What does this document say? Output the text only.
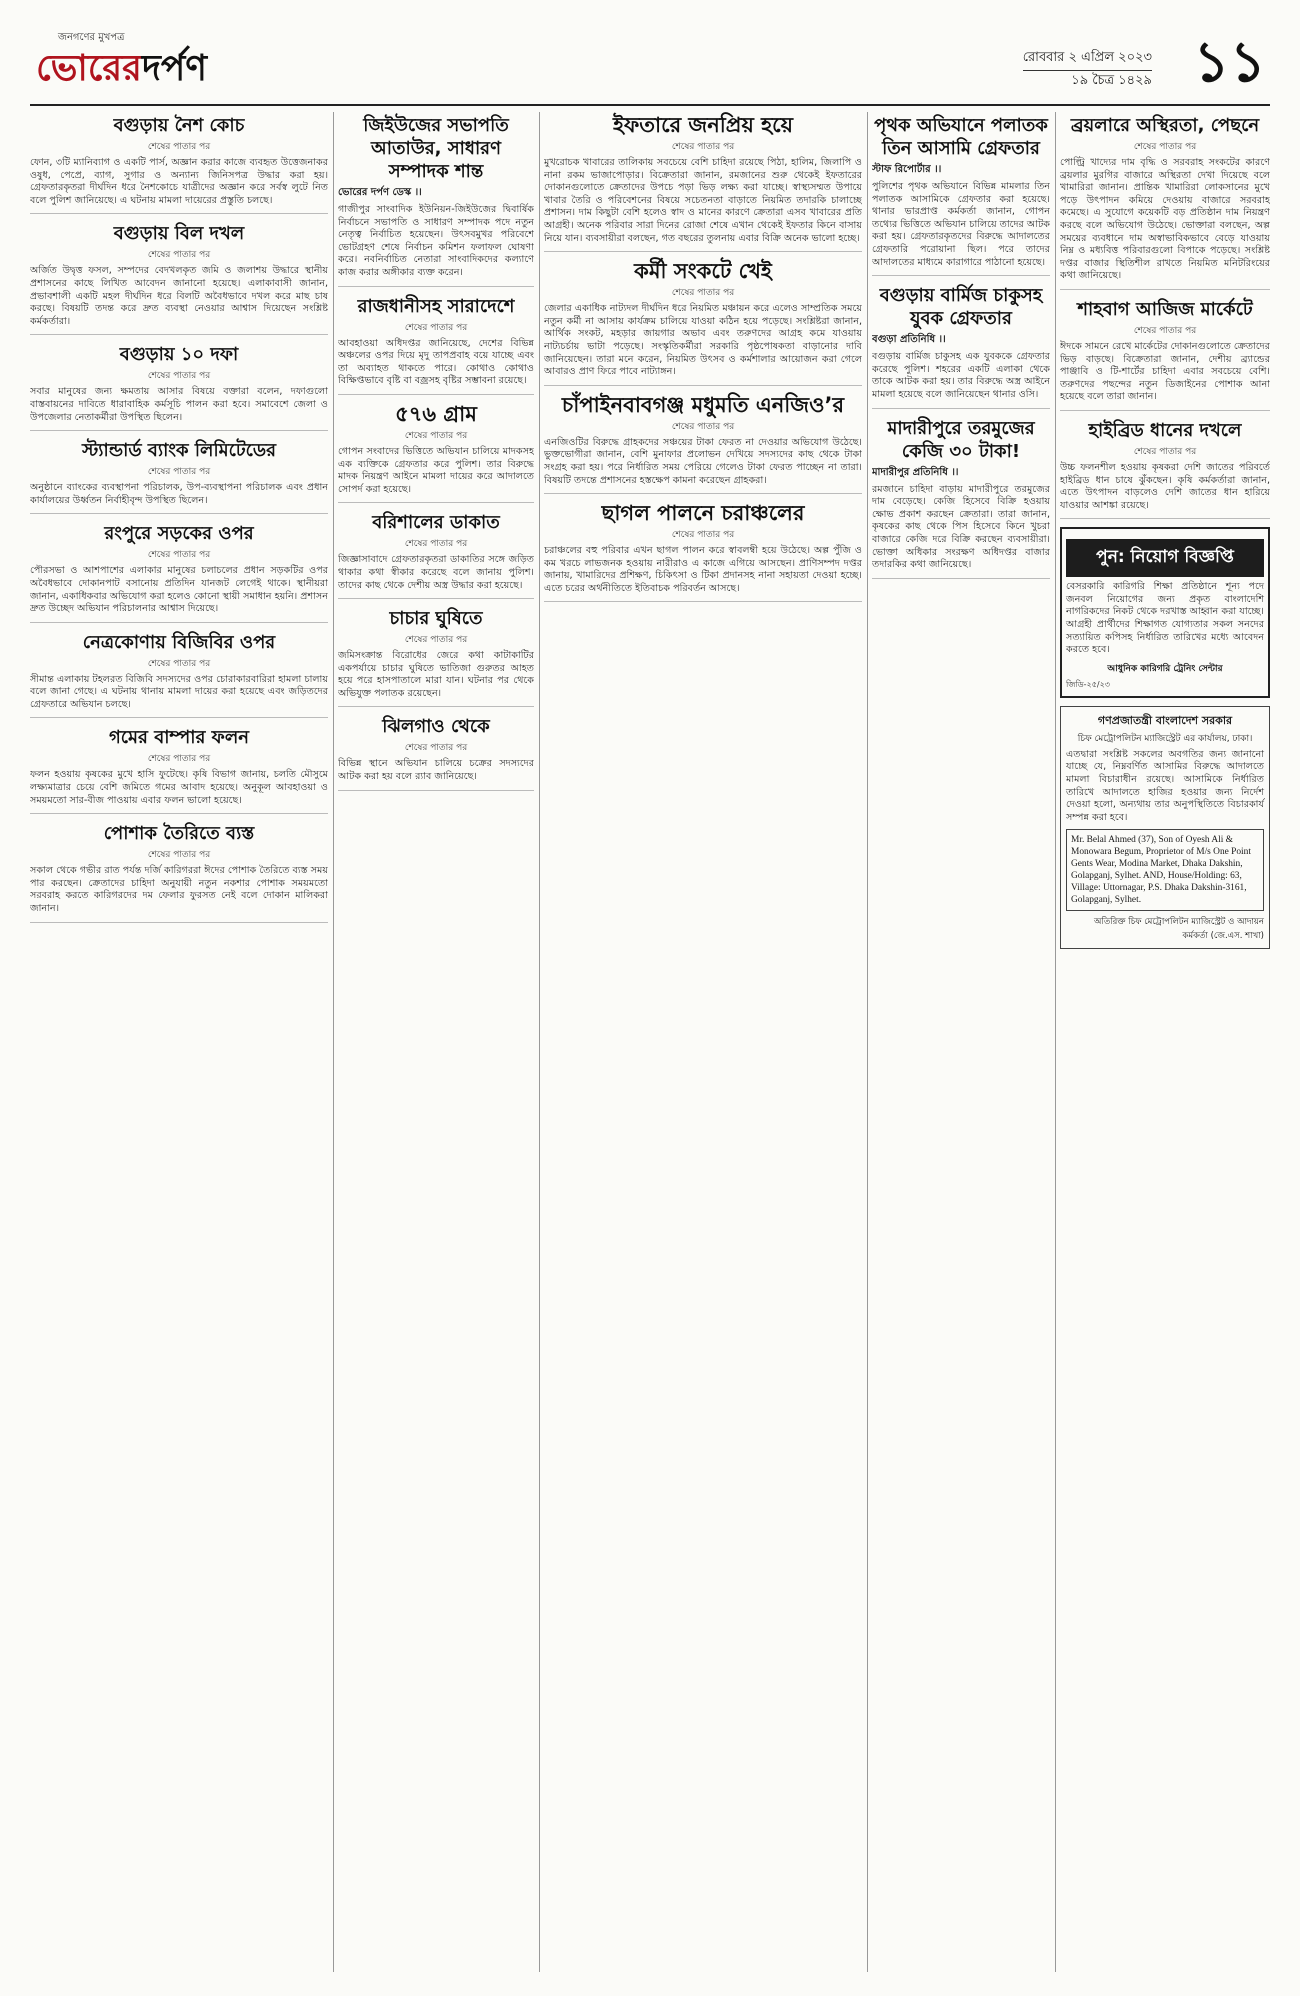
জনগণের মুখপত্র
ভোরেরদর্পণ	রোববার ২ এপ্রিল ২০২৩
১৯ চৈত্র ১৪২৯ ১১
বগুড়ায় নৈশ কোচ
শেষের পাতার পর

ফোন, ৩টি ম্যানিব্যাগ ও একটি পার্স, অজ্ঞান করার কাজে ব্যবহৃত উত্তেজনাকর ওষুধ, পেপ্রে, ব্যাগ, সুগার ও অন্যান্য জিনিসপত্র উদ্ধার করা হয়। গ্রেফতারকৃতরা দীর্ঘদিন ধরে নৈশকোচে যাত্রীদের অজ্ঞান করে সর্বস্ব লুটে নিত বলে পুলিশ জানিয়েছে। এ ঘটনায় মামলা দায়েরের প্রস্তুতি চলছে।

বগুড়ায় বিল দখল
শেষের পাতার পর

অর্জিত উদ্বৃত্ত ফসল, সম্পদের বেদখলকৃত জমি ও জলাশয় উদ্ধারে স্থানীয় প্রশাসনের কাছে লিখিত আবেদন জানানো হয়েছে। এলাকাবাসী জানান, প্রভাবশালী একটি মহল দীর্ঘদিন ধরে বিলটি অবৈধভাবে দখল করে মাছ চাষ করছে। বিষয়টি তদন্ত করে দ্রুত ব্যবস্থা নেওয়ার আশ্বাস দিয়েছেন সংশ্লিষ্ট কর্মকর্তারা।

বগুড়ায় ১০ দফা
শেষের পাতার পর

সবার মানুষের জন্য ক্ষমতায় আসার বিষয়ে বক্তারা বলেন, দফাগুলো বাস্তবায়নের দাবিতে ধারাবাহিক কর্মসূচি পালন করা হবে। সমাবেশে জেলা ও উপজেলার নেতাকর্মীরা উপস্থিত ছিলেন।

স্ট্যান্ডার্ড ব্যাংক লিমিটেডের
শেষের পাতার পর

অনুষ্ঠানে ব্যাংকের ব্যবস্থাপনা পরিচালক, উপ-ব্যবস্থাপনা পরিচালক এবং প্রধান কার্যালয়ের উর্ধ্বতন নির্বাহীবৃন্দ উপস্থিত ছিলেন।

রংপুরে সড়কের ওপর
শেষের পাতার পর

পৌরসভা ও আশপাশের এলাকার মানুষের চলাচলের প্রধান সড়কটির ওপর অবৈধভাবে দোকানপাট বসানোয় প্রতিদিন যানজট লেগেই থাকে। স্থানীয়রা জানান, একাধিকবার অভিযোগ করা হলেও কোনো স্থায়ী সমাধান হয়নি। প্রশাসন দ্রুত উচ্ছেদ অভিযান পরিচালনার আশ্বাস দিয়েছে।

নেত্রকোণায় বিজিবির ওপর
শেষের পাতার পর

সীমান্ত এলাকায় টহলরত বিজিবি সদস্যদের ওপর চোরাকারবারিরা হামলা চালায় বলে জানা গেছে। এ ঘটনায় থানায় মামলা দায়ের করা হয়েছে এবং জড়িতদের গ্রেফতারে অভিযান চলছে।

গমের বাম্পার ফলন
শেষের পাতার পর

ফলন হওয়ায় কৃষকের মুখে হাসি ফুটেছে। কৃষি বিভাগ জানায়, চলতি মৌসুমে লক্ষ্যমাত্রার চেয়ে বেশি জমিতে গমের আবাদ হয়েছে। অনুকূল আবহাওয়া ও সময়মতো সার-বীজ পাওয়ায় এবার ফলন ভালো হয়েছে।

পোশাক তৈরিতে ব্যস্ত
শেষের পাতার পর

সকাল থেকে গভীর রাত পর্যন্ত দর্জি কারিগররা ঈদের পোশাক তৈরিতে ব্যস্ত সময় পার করছেন। ক্রেতাদের চাহিদা অনুযায়ী নতুন নকশার পোশাক সময়মতো সরবরাহ করতে কারিগরদের দম ফেলার ফুরসত নেই বলে দোকান মালিকরা জানান।

জিইউজের সভাপতি আতাউর, সাধারণ সম্পাদক শান্ত
ভোরের দর্পণ ডেস্ক ।।

গাজীপুর সাংবাদিক ইউনিয়ন-জিইউজের দ্বিবার্ষিক নির্বাচনে সভাপতি ও সাধারণ সম্পাদক পদে নতুন নেতৃত্ব নির্বাচিত হয়েছেন। উৎসবমুখর পরিবেশে ভোটগ্রহণ শেষে নির্বাচন কমিশন ফলাফল ঘোষণা করে। নবনির্বাচিত নেতারা সাংবাদিকদের কল্যাণে কাজ করার অঙ্গীকার ব্যক্ত করেন।

রাজধানীসহ সারাদেশে
শেষের পাতার পর

আবহাওয়া অধিদপ্তর জানিয়েছে, দেশের বিভিন্ন অঞ্চলের ওপর দিয়ে মৃদু তাপপ্রবাহ বয়ে যাচ্ছে এবং তা অব্যাহত থাকতে পারে। কোথাও কোথাও বিক্ষিপ্তভাবে বৃষ্টি বা বজ্রসহ বৃষ্টির সম্ভাবনা রয়েছে।

৫৭৬ গ্রাম
শেষের পাতার পর

গোপন সংবাদের ভিত্তিতে অভিযান চালিয়ে মাদকসহ এক ব্যক্তিকে গ্রেফতার করে পুলিশ। তার বিরুদ্ধে মাদক নিয়ন্ত্রণ আইনে মামলা দায়ের করে আদালতে সোপর্দ করা হয়েছে।

বরিশালের ডাকাত
শেষের পাতার পর

জিজ্ঞাসাবাদে গ্রেফতারকৃতরা ডাকাতির সঙ্গে জড়িত থাকার কথা স্বীকার করেছে বলে জানায় পুলিশ। তাদের কাছ থেকে দেশীয় অস্ত্র উদ্ধার করা হয়েছে।

চাচার ঘুষিতে
শেষের পাতার পর

জমিসংক্রান্ত বিরোধের জেরে কথা কাটাকাটির একপর্যায়ে চাচার ঘুষিতে ভাতিজা গুরুতর আহত হয়ে পরে হাসপাতালে মারা যান। ঘটনার পর থেকে অভিযুক্ত পলাতক রয়েছেন।

ঝিলগাও থেকে
শেষের পাতার পর

বিভিন্ন স্থানে অভিযান চালিয়ে চক্রের সদস্যদের আটক করা হয় বলে র‍্যাব জানিয়েছে।

ইফতারে জনপ্রিয় হয়ে
শেষের পাতার পর

মুখরোচক খাবারের তালিকায় সবচেয়ে বেশি চাহিদা রয়েছে পিঠা, হালিম, জিলাপি ও নানা রকম ভাজাপোড়ার। বিক্রেতারা জানান, রমজানের শুরু থেকেই ইফতারের দোকানগুলোতে ক্রেতাদের উপচে পড়া ভিড় লক্ষ্য করা যাচ্ছে। স্বাস্থ্যসম্মত উপায়ে খাবার তৈরি ও পরিবেশনের বিষয়ে সচেতনতা বাড়াতে নিয়মিত তদারকি চালাচ্ছে প্রশাসন। দাম কিছুটা বেশি হলেও স্বাদ ও মানের কারণে ক্রেতারা এসব খাবারের প্রতি আগ্রহী। অনেক পরিবার সারা দিনের রোজা শেষে এখান থেকেই ইফতার কিনে বাসায় নিয়ে যান। ব্যবসায়ীরা বলছেন, গত বছরের তুলনায় এবার বিক্রি অনেক ভালো হচ্ছে।

কর্মী সংকটে খেই
শেষের পাতার পর

জেলার একাধিক নাট্যদল দীর্ঘদিন ধরে নিয়মিত মঞ্চায়ন করে এলেও সাম্প্রতিক সময়ে নতুন কর্মী না আসায় কার্যক্রম চালিয়ে যাওয়া কঠিন হয়ে পড়েছে। সংশ্লিষ্টরা জানান, আর্থিক সংকট, মহড়ার জায়গার অভাব এবং তরুণদের আগ্রহ কমে যাওয়ায় নাট্যচর্চায় ভাটা পড়েছে। সংস্কৃতিকর্মীরা সরকারি পৃষ্ঠপোষকতা বাড়ানোর দাবি জানিয়েছেন। তারা মনে করেন, নিয়মিত উৎসব ও কর্মশালার আয়োজন করা গেলে আবারও প্রাণ ফিরে পাবে নাট্যাঙ্গন।

চাঁপাইনবাবগঞ্জ মধুমতি এনজিও’র
শেষের পাতার পর

এনজিওটির বিরুদ্ধে গ্রাহকদের সঞ্চয়ের টাকা ফেরত না দেওয়ার অভিযোগ উঠেছে। ভুক্তভোগীরা জানান, বেশি মুনাফার প্রলোভন দেখিয়ে সদস্যদের কাছ থেকে টাকা সংগ্রহ করা হয়। পরে নির্ধারিত সময় পেরিয়ে গেলেও টাকা ফেরত পাচ্ছেন না তারা। বিষয়টি তদন্তে প্রশাসনের হস্তক্ষেপ কামনা করেছেন গ্রাহকরা।

ছাগল পালনে চরাঞ্চলের
শেষের পাতার পর

চরাঞ্চলের বহু পরিবার এখন ছাগল পালন করে স্বাবলম্বী হয়ে উঠেছে। অল্প পুঁজি ও কম খরচে লাভজনক হওয়ায় নারীরাও এ কাজে এগিয়ে আসছেন। প্রাণিসম্পদ দপ্তর জানায়, খামারিদের প্রশিক্ষণ, চিকিৎসা ও টিকা প্রদানসহ নানা সহায়তা দেওয়া হচ্ছে। এতে চরের অর্থনীতিতে ইতিবাচক পরিবর্তন আসছে।

পৃথক অভিযানে পলাতক তিন আসামি গ্রেফতার
স্টাফ রিপোর্টার ।।

পুলিশের পৃথক অভিযানে বিভিন্ন মামলার তিন পলাতক আসামিকে গ্রেফতার করা হয়েছে। থানার ভারপ্রাপ্ত কর্মকর্তা জানান, গোপন তথ্যের ভিত্তিতে অভিযান চালিয়ে তাদের আটক করা হয়। গ্রেফতারকৃতদের বিরুদ্ধে আদালতের গ্রেফতারি পরোয়ানা ছিল। পরে তাদের আদালতের মাধ্যমে কারাগারে পাঠানো হয়েছে।

বগুড়ায় বার্মিজ চাকুসহ যুবক গ্রেফতার
বগুড়া প্রতিনিধি ।।

বগুড়ায় বার্মিজ চাকুসহ এক যুবককে গ্রেফতার করেছে পুলিশ। শহরের একটি এলাকা থেকে তাকে আটক করা হয়। তার বিরুদ্ধে অস্ত্র আইনে মামলা হয়েছে বলে জানিয়েছেন থানার ওসি।

মাদারীপুরে তরমুজের কেজি ৩০ টাকা!
মাদারীপুর প্রতিনিধি ।।

রমজানে চাহিদা বাড়ায় মাদারীপুরে তরমুজের দাম বেড়েছে। কেজি হিসেবে বিক্রি হওয়ায় ক্ষোভ প্রকাশ করছেন ক্রেতারা। তারা জানান, কৃষকের কাছ থেকে পিস হিসেবে কিনে খুচরা বাজারে কেজি দরে বিক্রি করছেন ব্যবসায়ীরা। ভোক্তা অধিকার সংরক্ষণ অধিদপ্তর বাজার তদারকির কথা জানিয়েছে।

ব্রয়লারে অস্থিরতা, পেছনে
শেষের পাতার পর

পোল্ট্রি খাদ্যের দাম বৃদ্ধি ও সরবরাহ সংকটের কারণে ব্রয়লার মুরগির বাজারে অস্থিরতা দেখা দিয়েছে বলে খামারিরা জানান। প্রান্তিক খামারিরা লোকসানের মুখে পড়ে উৎপাদন কমিয়ে দেওয়ায় বাজারে সরবরাহ কমেছে। এ সুযোগে কয়েকটি বড় প্রতিষ্ঠান দাম নিয়ন্ত্রণ করছে বলে অভিযোগ উঠেছে। ভোক্তারা বলছেন, অল্প সময়ের ব্যবধানে দাম অস্বাভাবিকভাবে বেড়ে যাওয়ায় নিম্ন ও মধ্যবিত্ত পরিবারগুলো বিপাকে পড়েছে। সংশ্লিষ্ট দপ্তর বাজার স্থিতিশীল রাখতে নিয়মিত মনিটরিংয়ের কথা জানিয়েছে।

শাহবাগ আজিজ মার্কেটে
শেষের পাতার পর

ঈদকে সামনে রেখে মার্কেটের দোকানগুলোতে ক্রেতাদের ভিড় বাড়ছে। বিক্রেতারা জানান, দেশীয় ব্র্যান্ডের পাঞ্জাবি ও টি-শার্টের চাহিদা এবার সবচেয়ে বেশি। তরুণদের পছন্দের নতুন ডিজাইনের পোশাক আনা হয়েছে বলে তারা জানান।

হাইব্রিড ধানের দখলে
শেষের পাতার পর

উচ্চ ফলনশীল হওয়ায় কৃষকরা দেশি জাতের পরিবর্তে হাইব্রিড ধান চাষে ঝুঁকছেন। কৃষি কর্মকর্তারা জানান, এতে উৎপাদন বাড়লেও দেশি জাতের ধান হারিয়ে যাওয়ার আশঙ্কা রয়েছে।

পুন: নিয়োগ বিজ্ঞপ্তি

বেসরকারি কারিগরি শিক্ষা প্রতিষ্ঠানে শূন্য পদে জনবল নিয়োগের জন্য প্রকৃত বাংলাদেশি নাগরিকদের নিকট থেকে দরখাস্ত আহ্বান করা যাচ্ছে। আগ্রহী প্রার্থীদের শিক্ষাগত যোগ্যতার সকল সনদের সত্যায়িত কপিসহ নির্ধারিত তারিখের মধ্যে আবেদন করতে হবে।

আধুনিক কারিগরি ট্রেনিং সেন্টার
জিডি-২৫/২৩
গণপ্রজাতন্ত্রী বাংলাদেশ সরকার
চিফ মেট্রোপলিটন ম্যাজিস্ট্রেট এর কার্যালয়, ঢাকা।

এতদ্বারা সংশ্লিষ্ট সকলের অবগতির জন্য জানানো যাচ্ছে যে, নিম্নবর্ণিত আসামির বিরুদ্ধে আদালতে মামলা বিচারাধীন রয়েছে। আসামিকে নির্ধারিত তারিখে আদালতে হাজির হওয়ার জন্য নির্দেশ দেওয়া হলো, অন্যথায় তার অনুপস্থিতিতে বিচারকার্য সম্পন্ন করা হবে।

Mr. Belal Ahmed (37), Son of Oyesh Ali & Monowara Begum, Proprietor of M/s One Point Gents Wear, Modina Market, Dhaka Dakshin, Golapganj, Sylhet. AND, House/Holding: 63, Village: Uttornagar, P.S. Dhaka Dakshin-3161, Golapganj, Sylhet.
অতিরিক্ত চিফ মেট্রোপলিটন ম্যাজিস্ট্রেট ও আদায়ন কর্মকর্তা (জে.এস. শাখা)
